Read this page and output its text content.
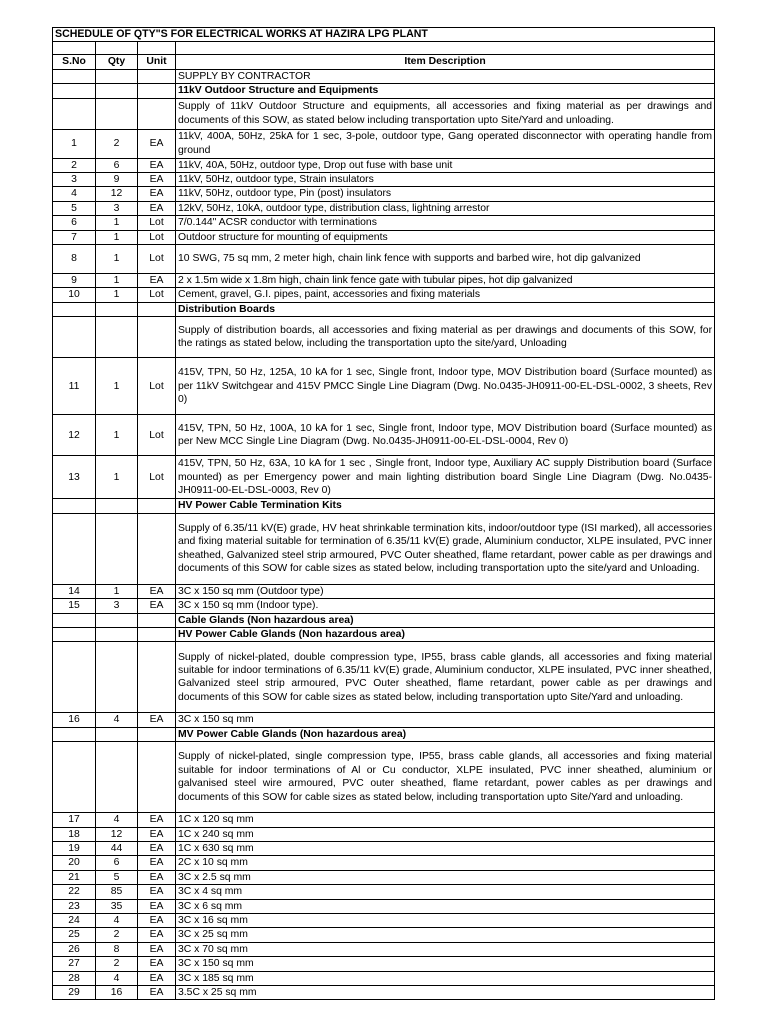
SCHEDULE OF QTY"S FOR ELECTRICAL WORKS AT HAZIRA LPG PLANT			

S.No	Qty	Unit	Item Description
			SUPPLY BY CONTRACTOR
			11kV Outdoor Structure and Equipments
			Supply of 11kV Outdoor Structure and equipments, all accessories and fixing material as per drawings and documents of this SOW, as stated below including transportation upto Site/Yard and unloading.
1	2	EA	11kV, 400A, 50Hz, 25kA for 1 sec, 3-pole, outdoor type, Gang operated disconnector with operating handle from ground
2	6	EA	11kV, 40A, 50Hz, outdoor type, Drop out fuse with base unit
3	9	EA	11kV, 50Hz, outdoor type, Strain insulators
4	12	EA	11kV, 50Hz, outdoor type, Pin (post) insulators
5	3	EA	12kV, 50Hz, 10kA, outdoor type, distribution class, lightning arrestor
6	1	Lot	7/0.144" ACSR conductor with terminations
7	1	Lot	Outdoor structure for mounting of equipments
8	1	Lot	10 SWG, 75 sq mm, 2 meter high, chain link fence with supports and barbed wire, hot dip galvanized
9	1	EA	2 x 1.5m wide x 1.8m high, chain link fence gate with tubular pipes, hot dip galvanized
10	1	Lot	Cement, gravel, G.I. pipes, paint, accessories and fixing materials
			Distribution Boards
			Supply of distribution boards, all accessories and fixing material as per drawings and documents of this SOW, for the ratings as stated below, including the transportation upto the site/yard, Unloading
11	1	Lot	415V, TPN, 50 Hz, 125A, 10 kA for 1 sec, Single front, Indoor type, MOV Distribution board (Surface mounted) as per 11kV Switchgear and 415V PMCC Single Line Diagram (Dwg. No.0435-JH0911-00-EL-DSL-0002, 3 sheets, Rev 0)
12	1	Lot	415V, TPN, 50 Hz, 100A, 10 kA for 1 sec, Single front, Indoor type, MOV Distribution board (Surface mounted) as per New MCC Single Line Diagram (Dwg. No.0435-JH0911-00-EL-DSL-0004, Rev 0)
13	1	Lot	415V, TPN, 50 Hz, 63A, 10 kA for 1 sec , Single front, Indoor type, Auxiliary AC supply Distribution board (Surface mounted) as per Emergency power and main lighting distribution board Single Line Diagram (Dwg. No.0435-JH0911-00-EL-DSL-0003, Rev 0)
			HV Power Cable Termination Kits
			Supply of 6.35/11 kV(E) grade, HV heat shrinkable termination kits, indoor/outdoor type (ISI marked), all accessories and fixing material suitable for termination of 6.35/11 kV(E) grade, Aluminium conductor, XLPE insulated, PVC inner sheathed, Galvanized steel strip armoured, PVC Outer sheathed, flame retardant, power cable as per drawings and documents of this SOW for cable sizes as stated below, including transportation upto the site/yard and Unloading.
14	1	EA	3C x 150 sq mm (Outdoor type)
15	3	EA	3C x 150 sq mm (Indoor type).
			Cable Glands (Non hazardous area)
			HV Power Cable Glands (Non hazardous area)
			Supply of nickel-plated, double compression type, IP55, brass cable glands, all accessories and fixing material suitable for indoor terminations of 6.35/11 kV(E) grade, Aluminium conductor, XLPE insulated, PVC inner sheathed, Galvanized steel strip armoured, PVC Outer sheathed, flame retardant, power cable as per drawings and documents of this SOW for cable sizes as stated below, including transportation upto Site/Yard and unloading.
16	4	EA	3C x 150 sq mm
			MV Power Cable Glands (Non hazardous area)
			Supply of nickel-plated, single compression type, IP55, brass cable glands, all accessories and fixing material suitable for indoor terminations of Al or Cu conductor, XLPE insulated, PVC inner sheathed, aluminium or galvanised steel wire armoured, PVC outer sheathed, flame retardant, power cables as per drawings and documents of this SOW for cable sizes as stated below, including transportation upto Site/Yard and unloading.
17	4	EA	1C x 120 sq mm
18	12	EA	1C x 240 sq mm
19	44	EA	1C x 630 sq mm
20	6	EA	2C x 10 sq mm
21	5	EA	3C x 2.5 sq mm
22	85	EA	3C x 4 sq mm
23	35	EA	3C x 6 sq mm
24	4	EA	3C x 16 sq mm
25	2	EA	3C x 25 sq mm
26	8	EA	3C x 70 sq mm
27	2	EA	3C x 150 sq mm
28	4	EA	3C x 185 sq mm
29	16	EA	3.5C x 25 sq mm
